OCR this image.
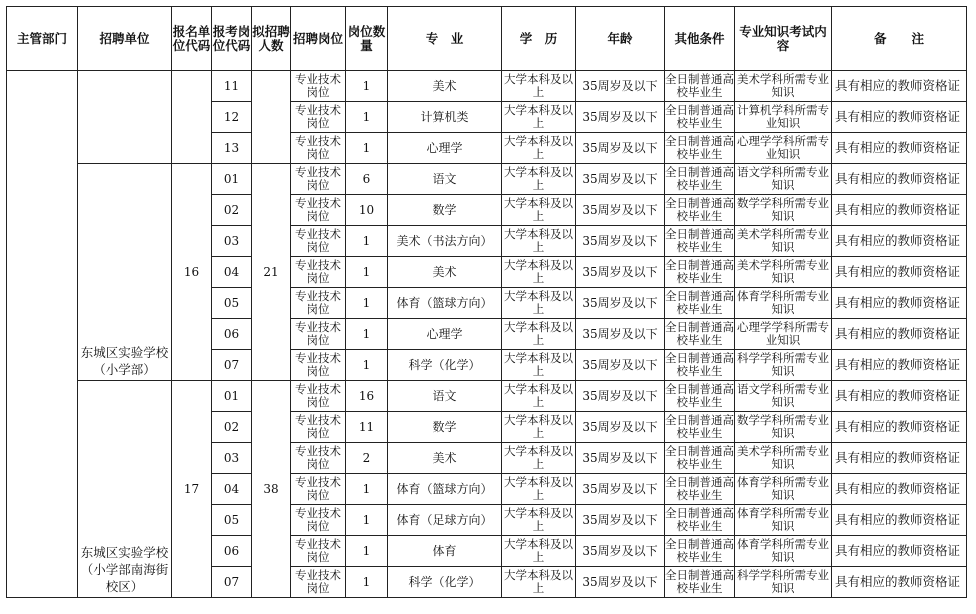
主管部门	招聘单位	报名单位代码	报考岗位代码	拟招聘人数	招聘岗位	岗位数量	专　业	学　历	年龄	其他条件	专业知识考试内容	备　　注
			11		专业技术岗位	1	美术	大学本科及以上	35周岁及以下	全日制普通高校毕业生	美术学科所需专业知识	具有相应的教师资格证
			12		专业技术岗位	1	计算机类	大学本科及以上	35周岁及以下	全日制普通高校毕业生	计算机学科所需专业知识	具有相应的教师资格证
			13		专业技术岗位	1	心理学	大学本科及以上	35周岁及以下	全日制普通高校毕业生	心理学学科所需专业知识	具有相应的教师资格证
	东城区实验学校（小学部）	16	01	21	专业技术岗位	6	语文	大学本科及以上	35周岁及以下	全日制普通高校毕业生	语文学科所需专业知识	具有相应的教师资格证
			02		专业技术岗位	10	数学	大学本科及以上	35周岁及以下	全日制普通高校毕业生	数学学科所需专业知识	具有相应的教师资格证
			03		专业技术岗位	1	美术（书法方向）	大学本科及以上	35周岁及以下	全日制普通高校毕业生	美术学科所需专业知识	具有相应的教师资格证
			04		专业技术岗位	1	美术	大学本科及以上	35周岁及以下	全日制普通高校毕业生	美术学科所需专业知识	具有相应的教师资格证
			05		专业技术岗位	1	体育（篮球方向）	大学本科及以上	35周岁及以下	全日制普通高校毕业生	体育学科所需专业知识	具有相应的教师资格证
			06		专业技术岗位	1	心理学	大学本科及以上	35周岁及以下	全日制普通高校毕业生	心理学学科所需专业知识	具有相应的教师资格证
			07		专业技术岗位	1	科学（化学）	大学本科及以上	35周岁及以下	全日制普通高校毕业生	科学学科所需专业知识	具有相应的教师资格证
	东城区实验学校（小学部南海街校区）	17	01	38	专业技术岗位	16	语文	大学本科及以上	35周岁及以下	全日制普通高校毕业生	语文学科所需专业知识	具有相应的教师资格证
			02		专业技术岗位	11	数学	大学本科及以上	35周岁及以下	全日制普通高校毕业生	数学学科所需专业知识	具有相应的教师资格证
			03		专业技术岗位	2	美术	大学本科及以上	35周岁及以下	全日制普通高校毕业生	美术学科所需专业知识	具有相应的教师资格证
			04		专业技术岗位	1	体育（篮球方向）	大学本科及以上	35周岁及以下	全日制普通高校毕业生	体育学科所需专业知识	具有相应的教师资格证
			05		专业技术岗位	1	体育（足球方向）	大学本科及以上	35周岁及以下	全日制普通高校毕业生	体育学科所需专业知识	具有相应的教师资格证
			06		专业技术岗位	1	体育	大学本科及以上	35周岁及以下	全日制普通高校毕业生	体育学科所需专业知识	具有相应的教师资格证
			07		专业技术岗位	1	科学（化学）	大学本科及以上	35周岁及以下	全日制普通高校毕业生	科学学科所需专业知识	具有相应的教师资格证
